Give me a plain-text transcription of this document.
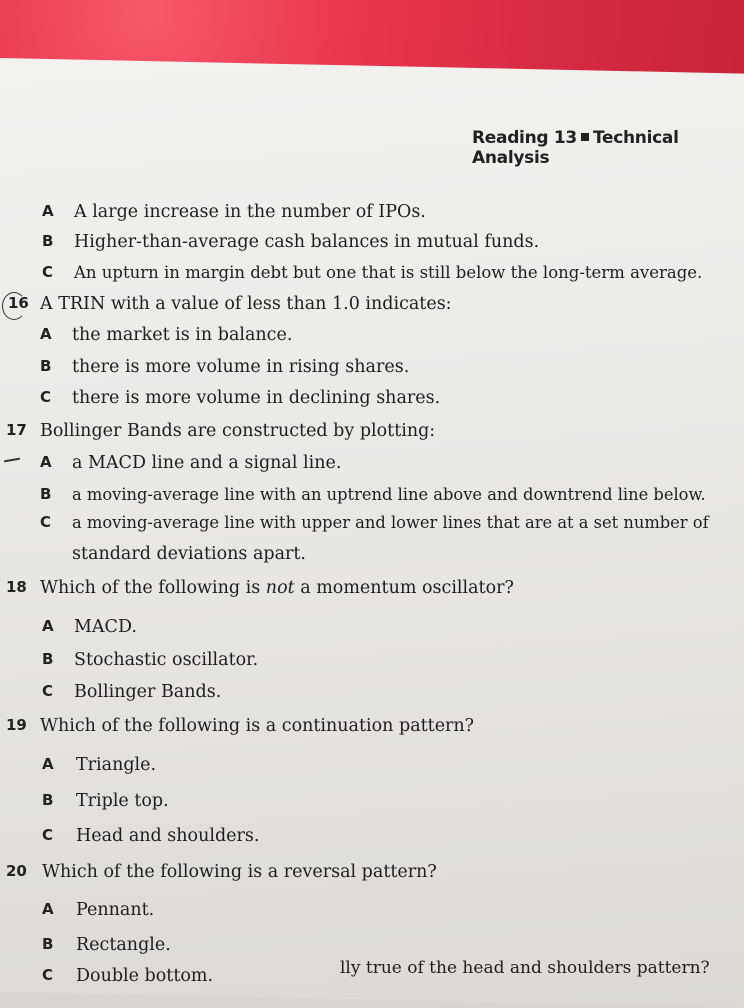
Reading 13 Technical Analysis
A A large increase in the number of IPOs.
B Higher-than-average cash balances in mutual funds.
C An upturn in margin debt but one that is still below the long-term average.
16 A TRIN with a value of less than 1.0 indicates:
A the market is in balance.
B there is more volume in rising shares.
C there is more volume in declining shares.
17 Bollinger Bands are constructed by plotting:
A a MACD line and a signal line.
B a moving-average line with an uptrend line above and downtrend line below.
C a moving-average line with upper and lower lines that are at a set number of
standard deviations apart.
18 Which of the following is not a momentum oscillator?
A MACD.
B Stochastic oscillator.
C Bollinger Bands.
19 Which of the following is a continuation pattern?
A Triangle.
B Triple top.
C Head and shoulders.
20 Which of the following is a reversal pattern?
A Pennant.
B Rectangle.
C Double bottom.	lly true of the head and shoulders pattern?
